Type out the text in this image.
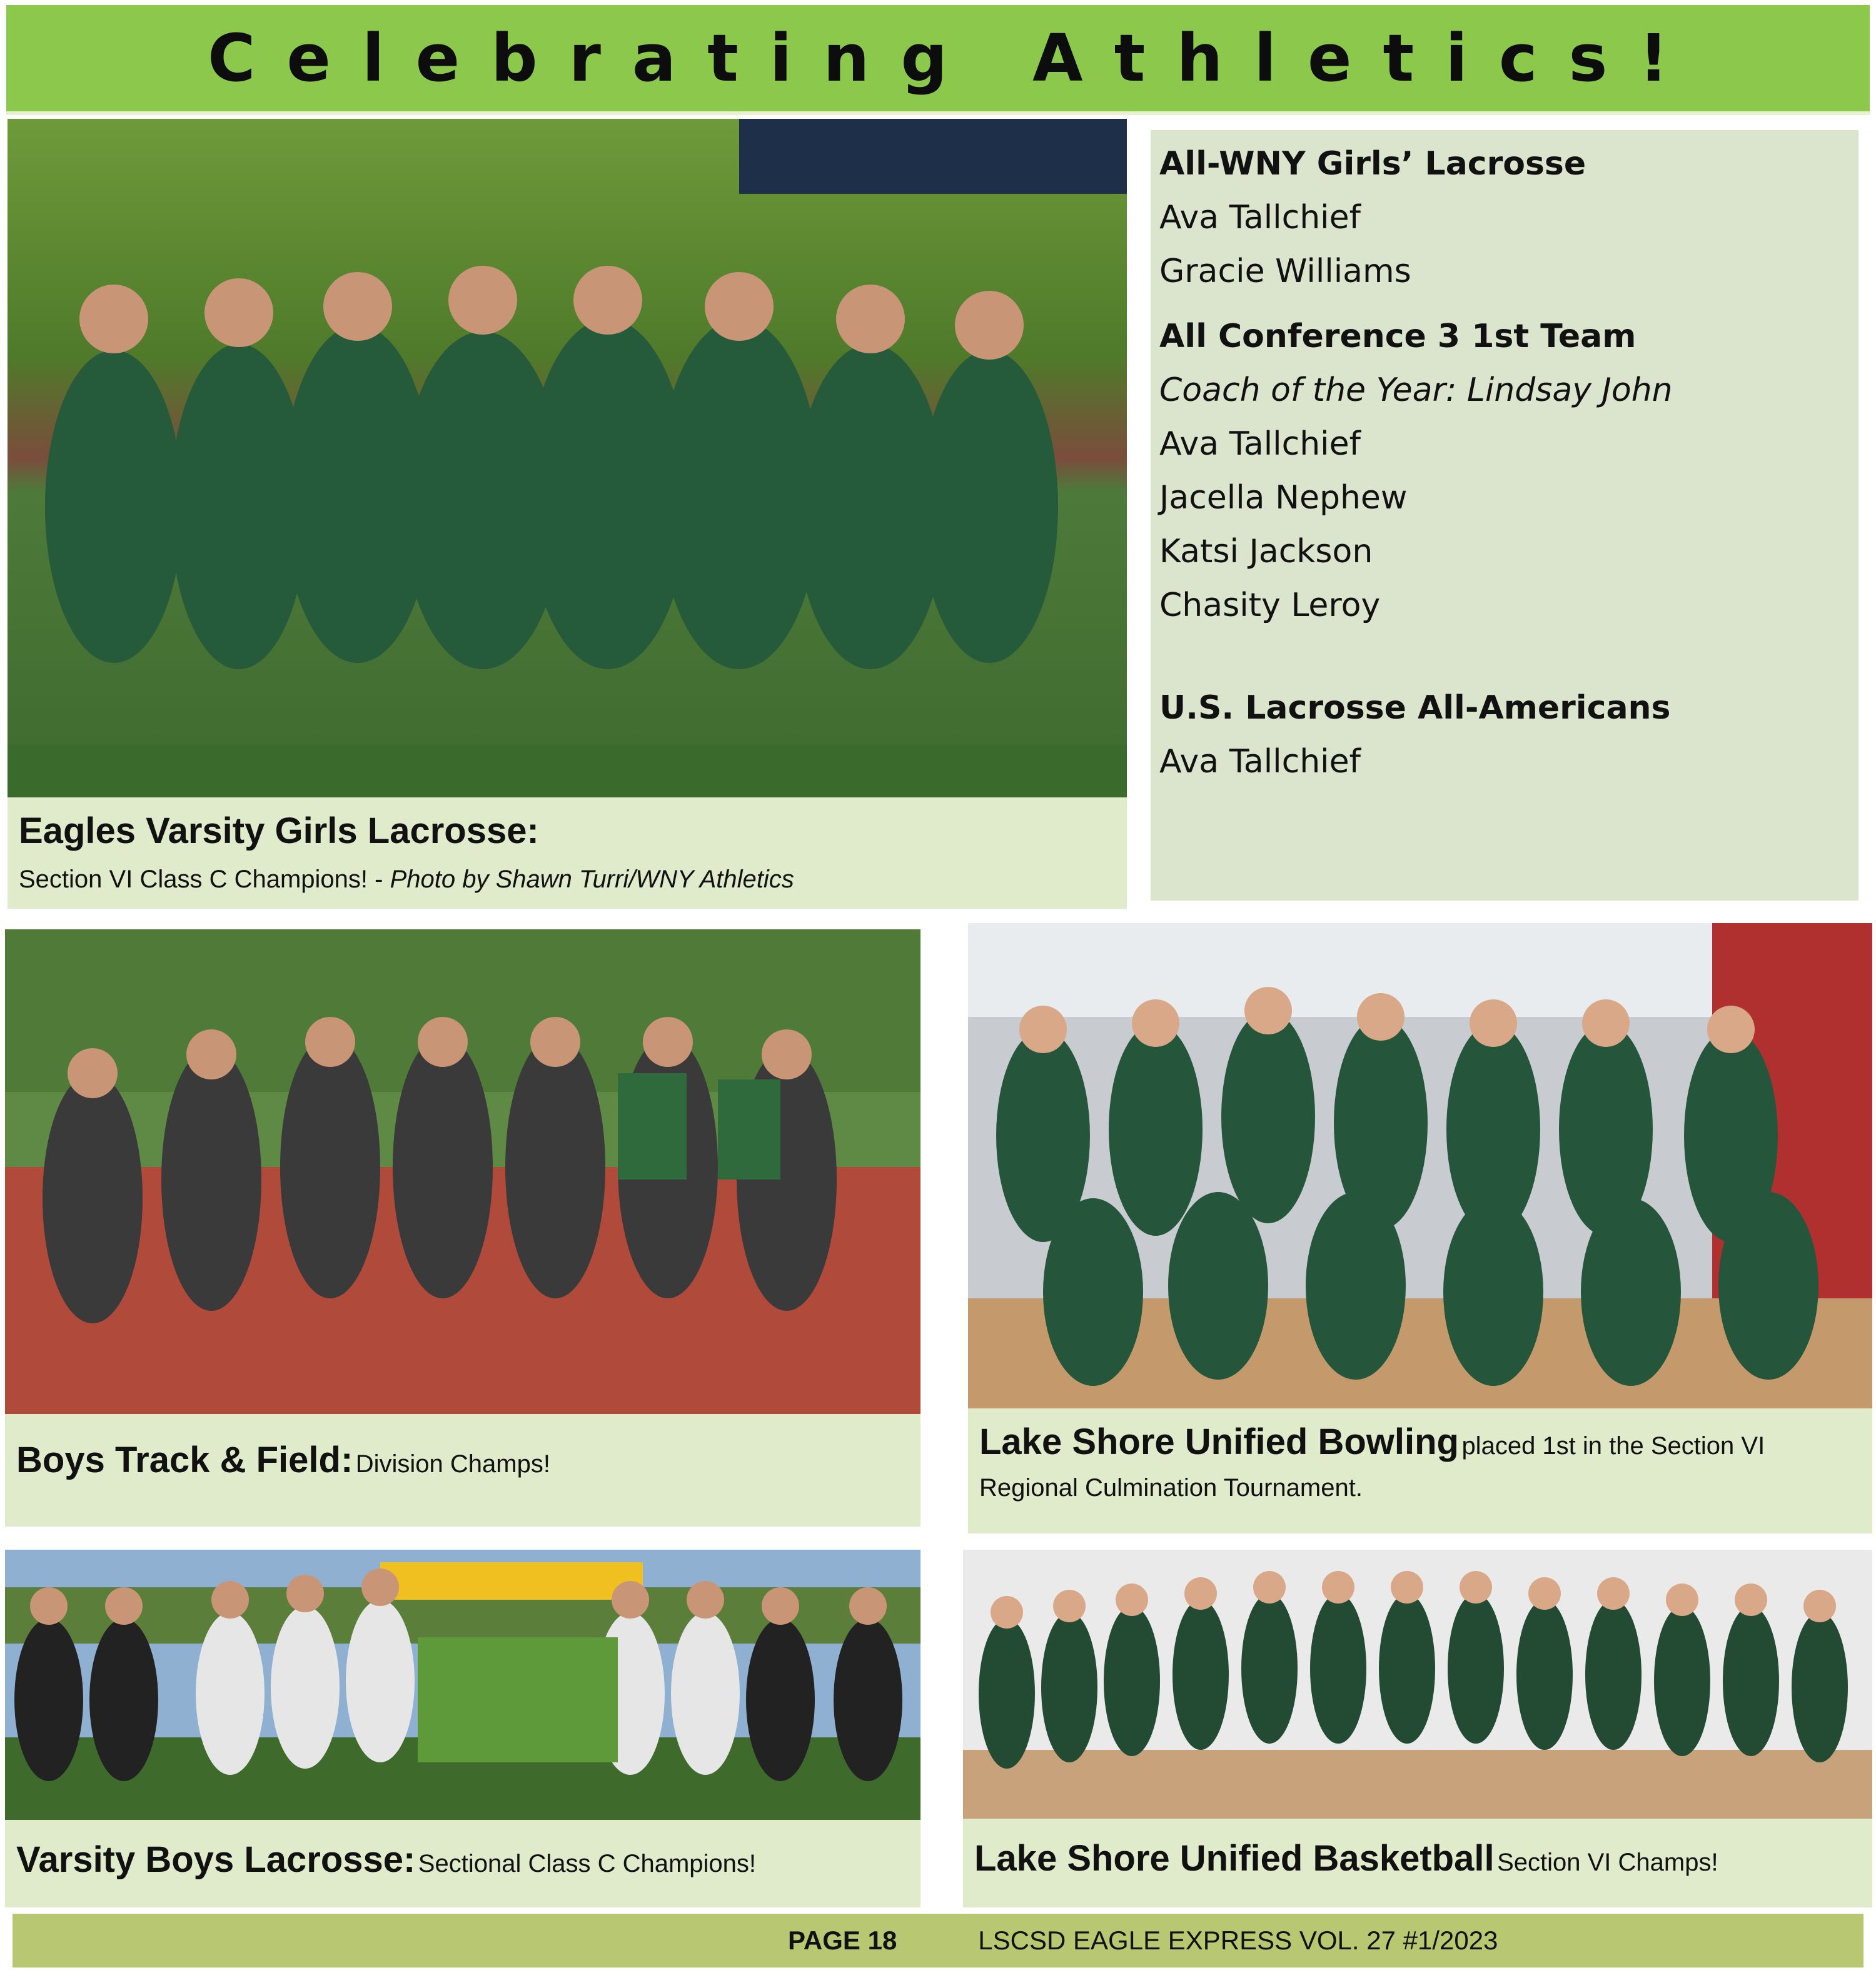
Celebrating Athletics!
Eagles Varsity Girls Lacrosse:
Section VI Class C Champions! - Photo by Shawn Turri/WNY Athletics

All-WNY Girls’ Lacrosse

Ava Tallchief

Gracie Williams

All Conference 3 1st Team

Coach of the Year: Lindsay John

Ava Tallchief

Jacella Nephew

Katsi Jackson

Chasity Leroy

U.S. Lacrosse All-Americans

Ava Tallchief

Boys Track & Field: Division Champs!
Lake Shore Unified Bowling placed 1st in the Section VI
Regional Culmination Tournament.
Varsity Boys Lacrosse: Sectional Class C Champions!	Lake Shore Unified Basketball Section VI Champs!
PAGE 18	LSCSD EAGLE EXPRESS VOL. 27 #1/2023
